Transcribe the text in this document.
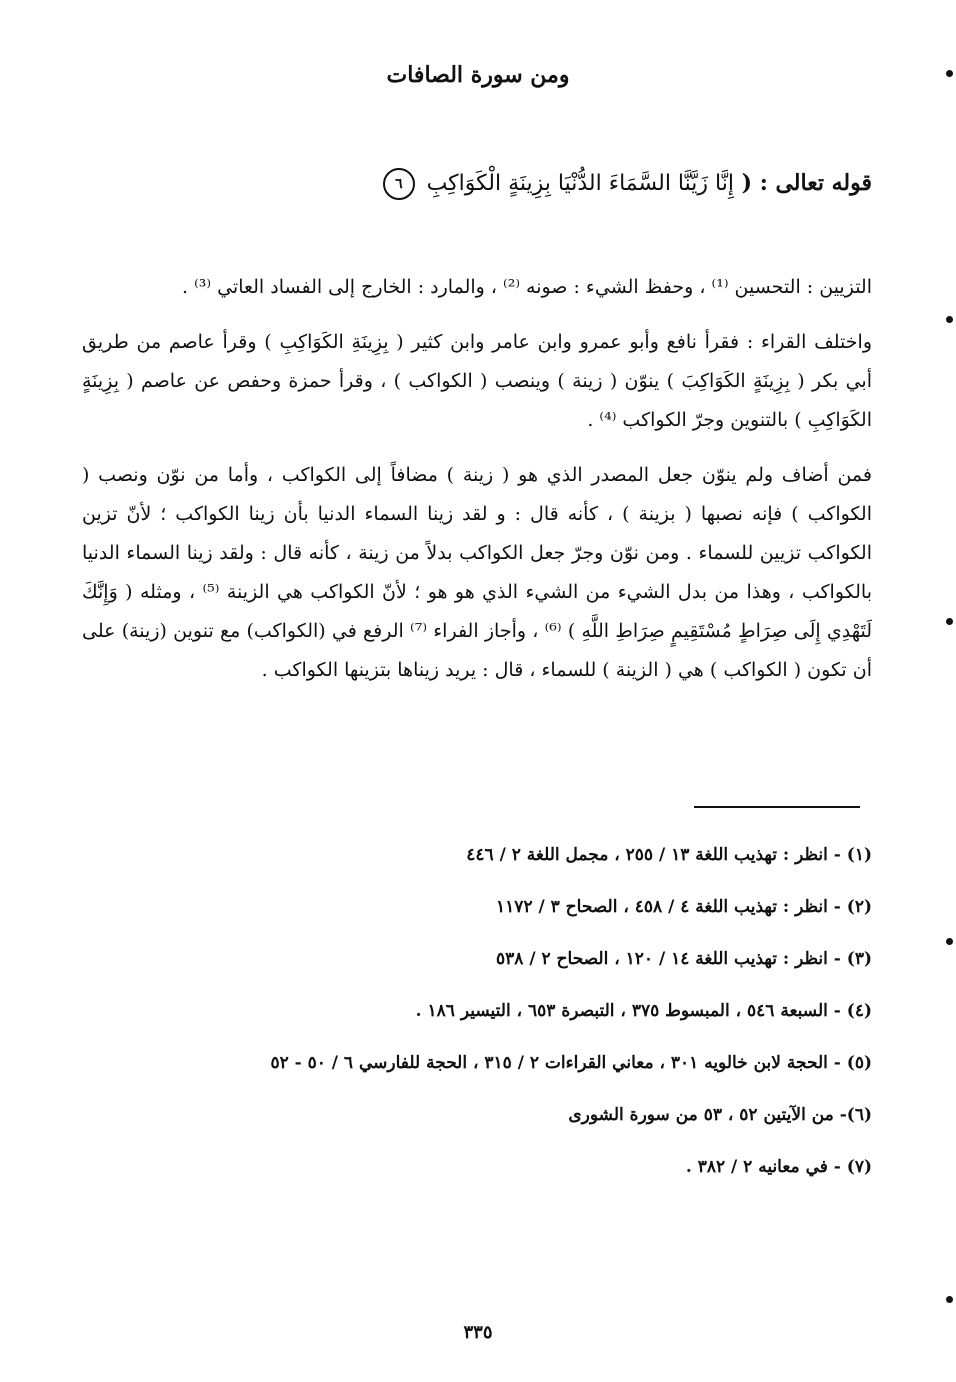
ومن سورة الصافات
قوله تعالى : ( إِنَّا زَيَّنَّا السَّمَاءَ الدُّنْيَا بِزِينَةٍ الْكَوَاكِبِ ٦

التزيين : التحسين ⁽¹⁾ ، وحفظ الشيء : صونه ⁽²⁾ ، والمارد : الخارج إلى الفساد العاتي ⁽³⁾ .

واختلف القراء : فقرأ نافع وأبو عمرو وابن عامر وابن كثير ( بِزِينَةِ الكَوَاكِبِ ) وقرأ عاصم من طريق أبي بكر ( بِزِينَةٍ الكَوَاكِبَ ) ينوّن ( زينة ) وينصب ( الكواكب ) ، وقرأ حمزة وحفص عن عاصم ( بِزِينَةٍ الكَوَاكِبِ ) بالتنوين وجرّ الكواكب ⁽⁴⁾ .

فمن أضاف ولم ينوّن جعل المصدر الذي هو ( زينة ) مضافاً إلى الكواكب ، وأما من نوّن ونصب ( الكواكب ) فإنه نصبها ( بزينة ) ، كأنه قال : و لقد زينا السماء الدنيا بأن زينا الكواكب ؛ لأنّ تزين الكواكب تزيين للسماء . ومن نوّن وجرّ جعل الكواكب بدلاً من زينة ، كأنه قال : ولقد زينا السماء الدنيا بالكواكب ، وهذا من بدل الشيء من الشيء الذي هو هو ؛ لأنّ الكواكب هي الزينة ⁽⁵⁾ ، ومثله ( وَإِنَّكَ لَتَهْدِي إِلَى صِرَاطٍ مُسْتَقِيمٍ صِرَاطِ اللَّهِ ) ⁽⁶⁾ ، وأجاز الفراء ⁽⁷⁾ الرفع في (الكواكب) مع تنوين (زينة) على أن تكون ( الكواكب ) هي ( الزينة ) للسماء ، قال : يريد زيناها بتزينها الكواكب .

(١) - انظر : تهذيب اللغة ١٣ / ٢٥٥ ، مجمل اللغة ٢ / ٤٤٦
(٢) - انظر : تهذيب اللغة ٤ / ٤٥٨ ، الصحاح ٣ / ١١٧٢
(٣) - انظر : تهذيب اللغة ١٤ / ١٢٠ ، الصحاح ٢ / ٥٣٨
(٤) - السبعة ٥٤٦ ، المبسوط ٣٧٥ ، التبصرة ٦٥٣ ، التيسير ١٨٦ .
(٥) - الحجة لابن خالويه ٣٠١ ، معاني القراءات ٢ / ٣١٥ ، الحجة للفارسي ٦ / ٥٠ - ٥٢
(٦)- من الآيتين ٥٢ ، ٥٣ من سورة الشورى
(٧) - في معانيه ٢ / ٣٨٢ .
٣٣٥
